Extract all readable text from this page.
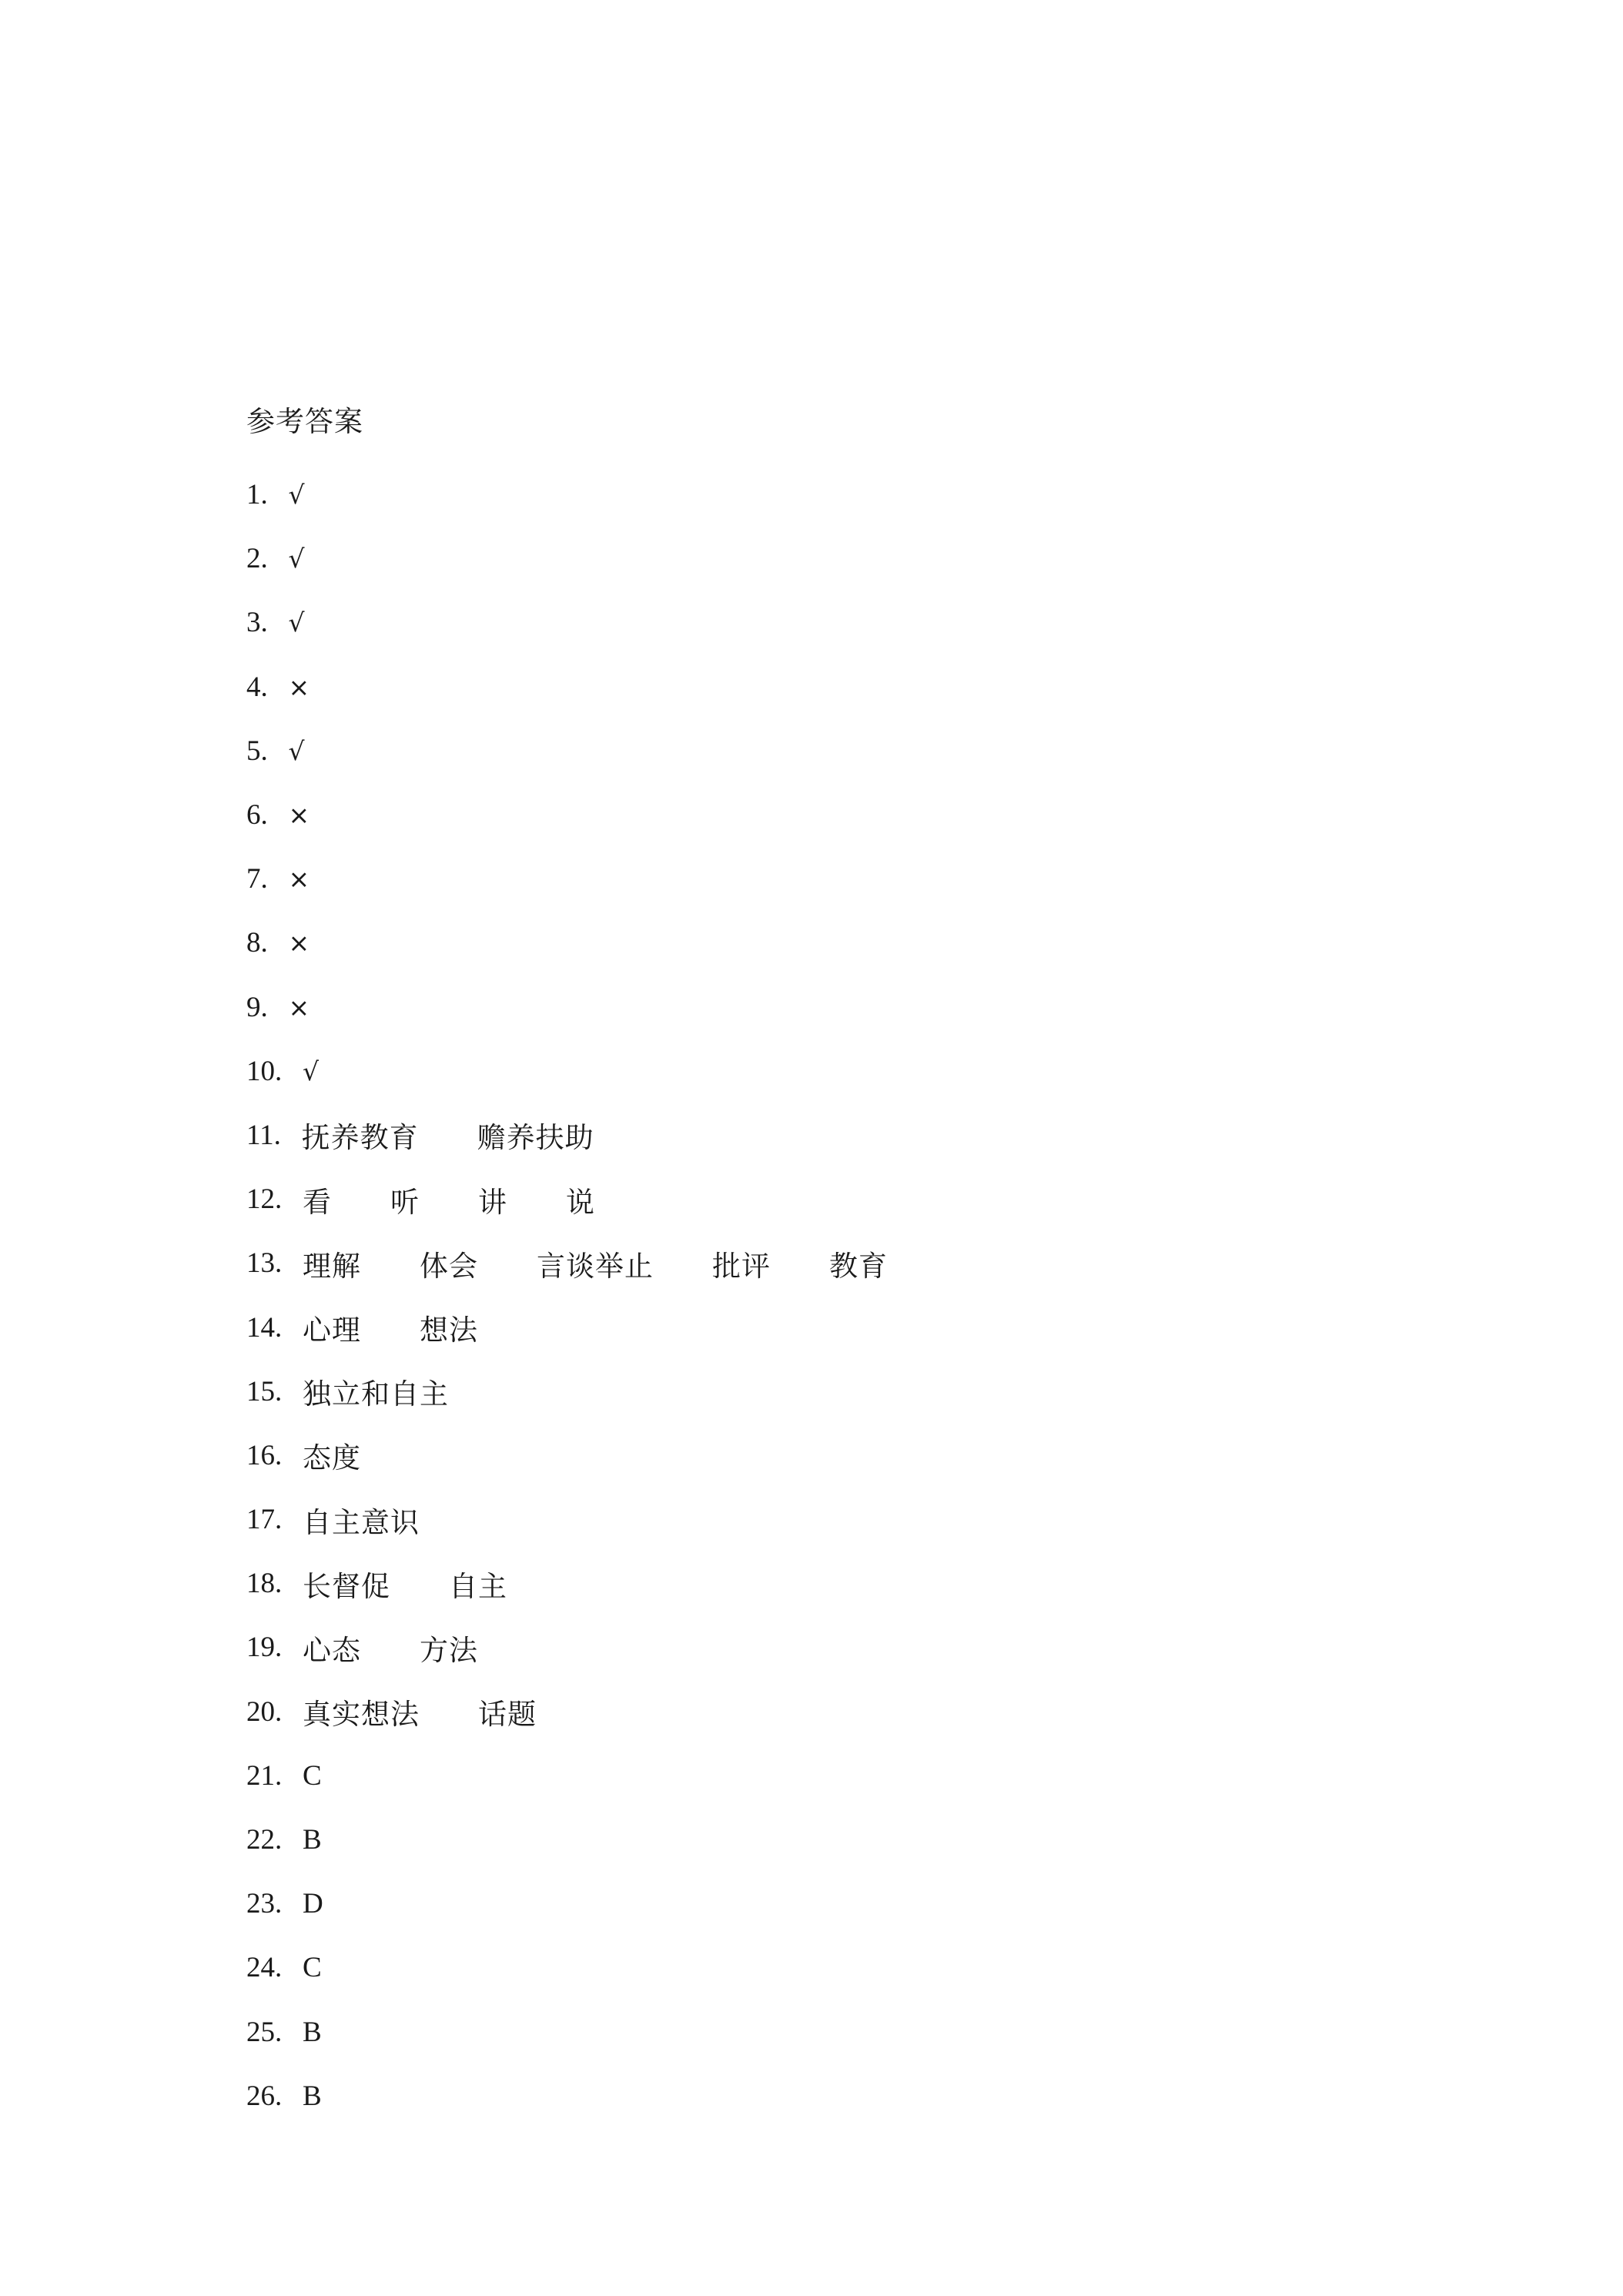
参考答案
1 . √
2 . √
3 . √
4 . ×
5 . √
6 . ×
7 . ×
8 . ×
9 . ×
10 . √
11 . 抚养教育 赡养扶助
12 . 看 听 讲 说
13 . 理解 体会 言谈举止 批评 教育
14 . 心理 想法
15 . 独立和自主
16 . 态度
17 . 自主意识
18 . 长督促 自主
19 . 心态 方法
20 . 真实想法 话题
21 . C
22 . B
23 . D
24 . C
25 . B
26 . B
